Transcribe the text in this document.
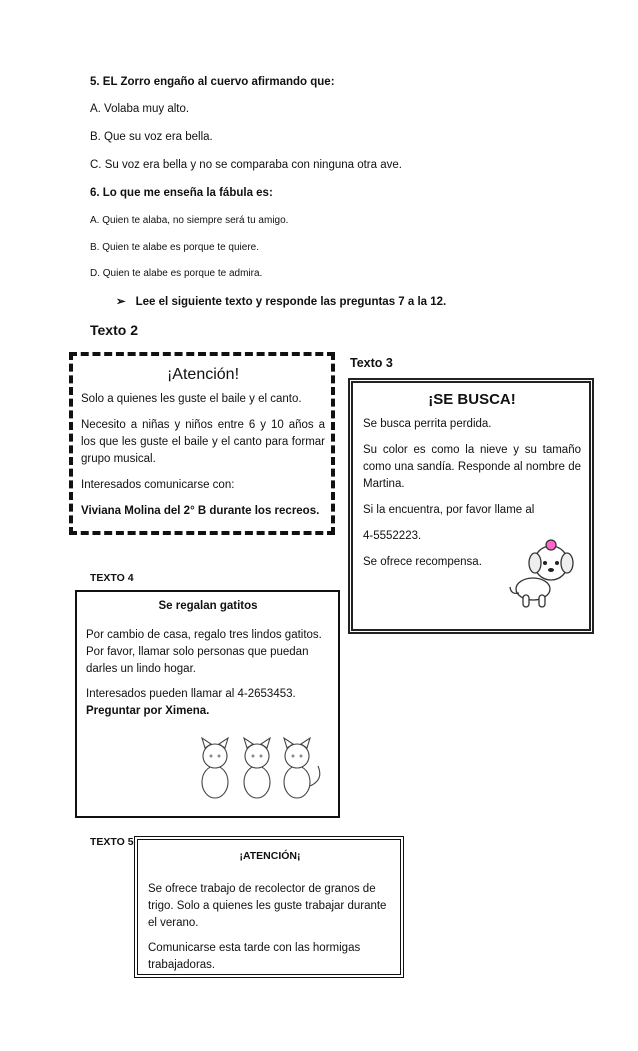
5. EL Zorro engaño al cuervo afirmando que:

A. Volaba muy alto.

B. Que su voz era bella.

C. Su voz era bella y no se comparaba con ninguna otra ave.

6. Lo que me enseña la fábula es:

A. Quien te alaba, no siempre será tu amigo.

B. Quien te alabe es porque te quiere.

D. Quien te alabe es porque te admira.

➢ Lee el siguiente texto y responde las preguntas 7 a la 12.

Texto 2

¡Atención!

Solo a quienes les guste el baile y el canto.

Necesito a niñas y niños entre 6 y 10 años a los que les guste el baile y el canto para formar grupo musical.

Interesados comunicarse con:

Viviana Molina del 2° B durante los recreos.

Texto 3

¡SE BUSCA!

Se busca perrita perdida.

Su color es como la nieve y su tamaño como una sandía. Responde al nombre de Martina.

Si la encuentra, por favor llame al

4-5552223.

Se ofrece recompensa.

TEXTO 4

Se regalan gatitos

Por cambio de casa, regalo tres lindos gatitos. Por favor, llamar solo personas que puedan darles un lindo hogar.

Interesados pueden llamar al 4-2653453.

Preguntar por Ximena.

TEXTO 5

¡ATENCIÓN¡

Se ofrece trabajo de recolector de granos de trigo. Solo a quienes les guste trabajar durante el verano.

Comunicarse esta tarde con las hormigas trabajadoras.
